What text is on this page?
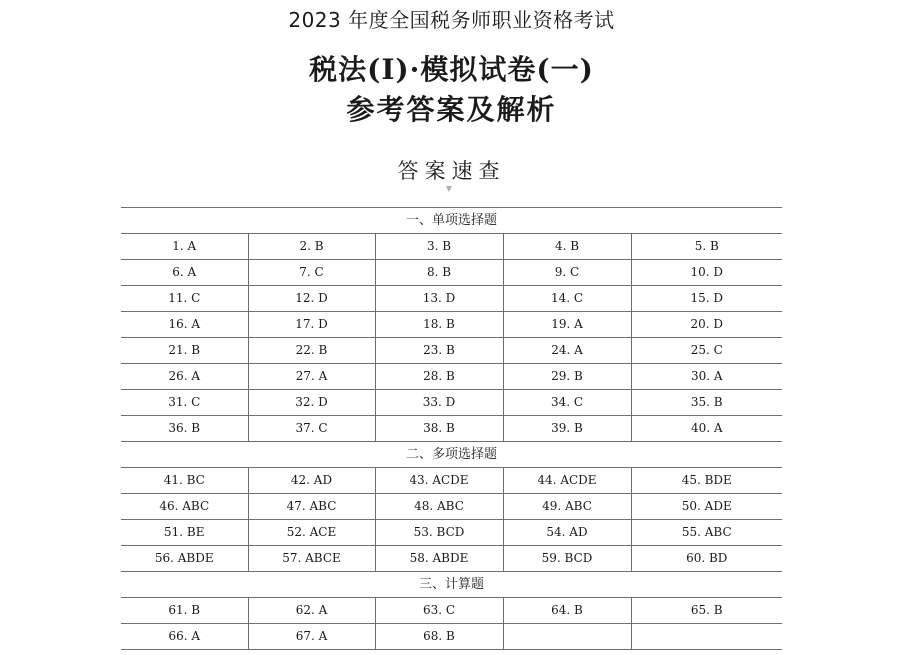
2023 年度全国税务师职业资格考试
税法(Ⅰ)·模拟试卷(一)
参考答案及解析
答案速查
一、单项选择题				
1. A	2. B	3. B	4. B	5. B
6. A	7. C	8. B	9. C	10. D
11. C	12. D	13. D	14. C	15. D
16. A	17. D	18. B	19. A	20. D
21. B	22. B	23. B	24. A	25. C
26. A	27. A	28. B	29. B	30. A
31. C	32. D	33. D	34. C	35. B
36. B	37. C	38. B	39. B	40. A
二、多项选择题				
41. BC	42. AD	43. ACDE	44. ACDE	45. BDE
46. ABC	47. ABC	48. ABC	49. ABC	50. ADE
51. BE	52. ACE	53. BCD	54. AD	55. ABC
56. ABDE	57. ABCE	58. ABDE	59. BCD	60. BD
三、计算题				
61. B	62. A	63. C	64. B	65. B
66. A	67. A	68. B		
